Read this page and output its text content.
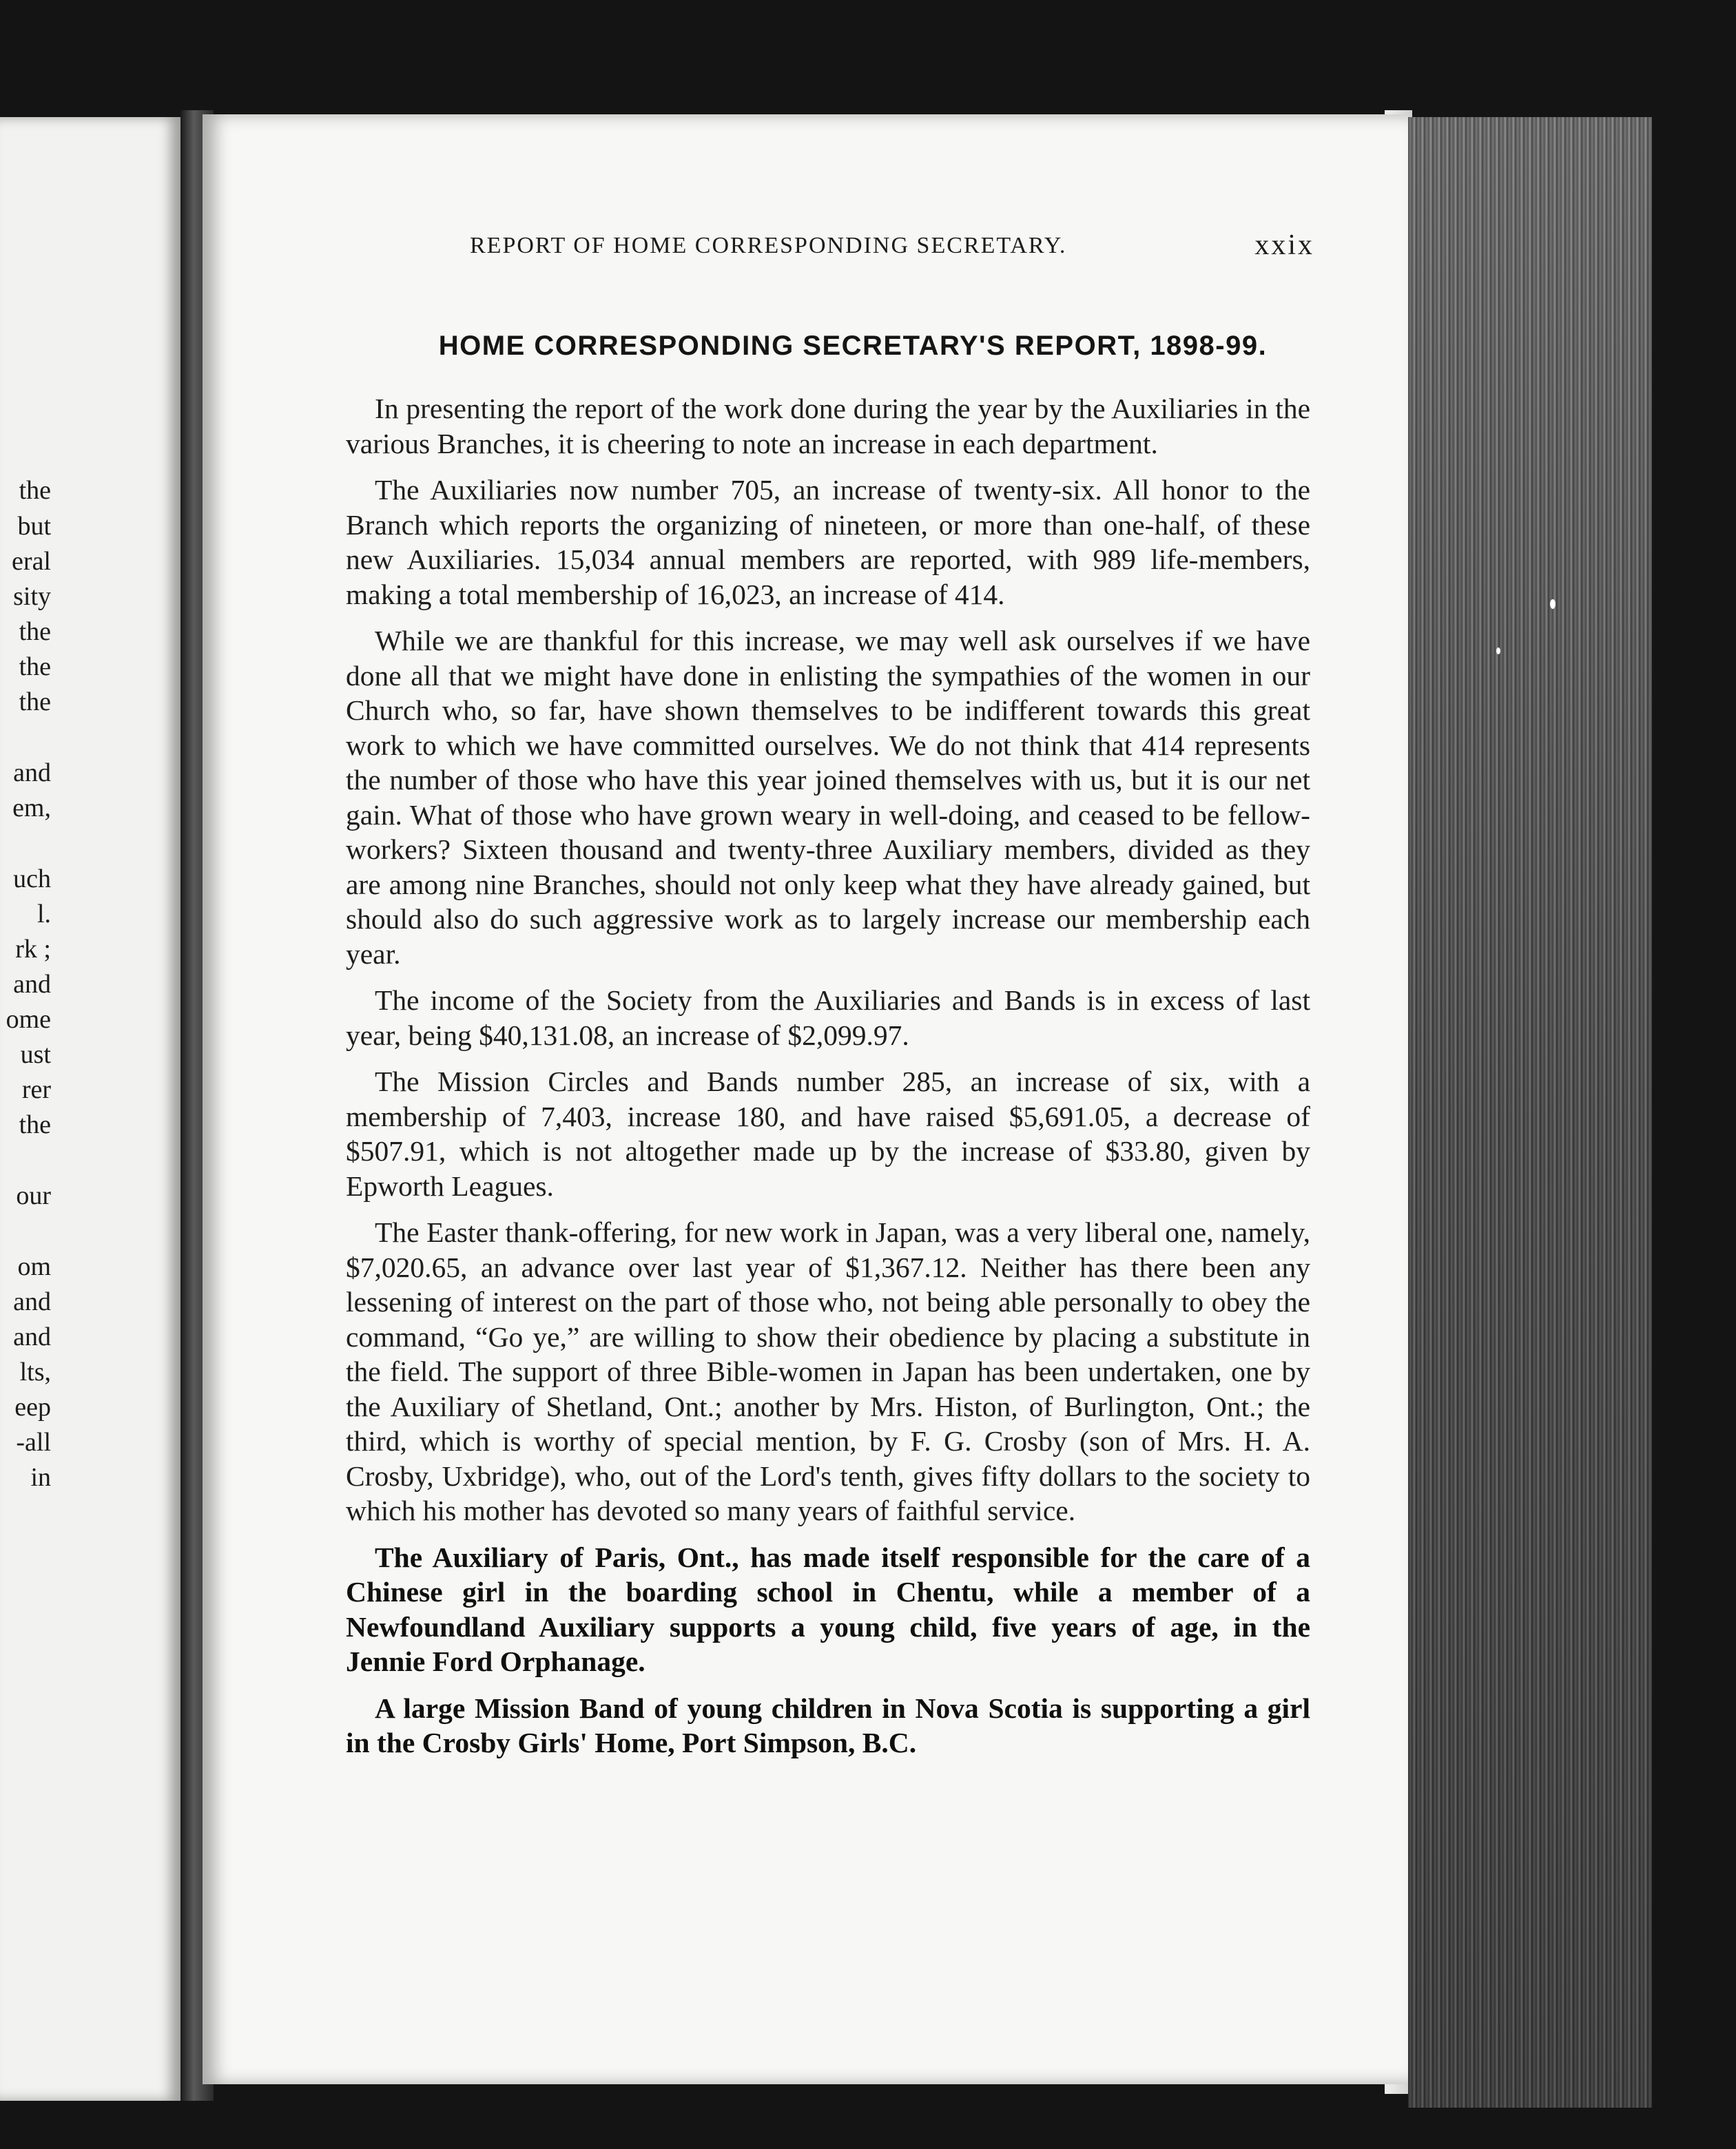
the
but
eral
sity
the
the
the
and
em,
uch
l.
rk ;
and
ome
ust
rer
the
our
om
and
and
lts,
eep
-all
in
REPORT OF HOME CORRESPONDING SECRETARY.	xxix
HOME CORRESPONDING SECRETARY'S REPORT, 1898-99.

In presenting the report of the work done during the year by the Auxiliaries in the various Branches, it is cheering to note an increase in each department.

The Auxiliaries now number 705, an increase of twenty-six. All honor to the Branch which reports the organizing of nineteen, or more than one-half, of these new Auxiliaries. 15,034 annual members are reported, with 989 life-members, making a total membership of 16,023, an increase of 414.

While we are thankful for this increase, we may well ask ourselves if we have done all that we might have done in enlisting the sympathies of the women in our Church who, so far, have shown themselves to be indifferent towards this great work to which we have committed ourselves. We do not think that 414 represents the number of those who have this year joined themselves with us, but it is our net gain. What of those who have grown weary in well-doing, and ceased to be fellow-workers? Sixteen thousand and twenty-three Auxiliary members, divided as they are among nine Branches, should not only keep what they have already gained, but should also do such aggressive work as to largely increase our membership each year.

The income of the Society from the Auxiliaries and Bands is in excess of last year, being $40,131.08, an increase of $2,099.97.

The Mission Circles and Bands number 285, an increase of six, with a membership of 7,403, increase 180, and have raised $5,691.05, a decrease of $507.91, which is not altogether made up by the increase of $33.80, given by Epworth Leagues.

The Easter thank-offering, for new work in Japan, was a very liberal one, namely, $7,020.65, an advance over last year of $1,367.12. Neither has there been any lessening of interest on the part of those who, not being able personally to obey the command, “Go ye,” are willing to show their obedience by placing a substitute in the field. The support of three Bible-women in Japan has been undertaken, one by the Auxiliary of Shetland, Ont.; another by Mrs. Histon, of Burlington, Ont.; the third, which is worthy of special mention, by F. G. Crosby (son of Mrs. H. A. Crosby, Uxbridge), who, out of the Lord's tenth, gives fifty dollars to the society to which his mother has devoted so many years of faithful service.

The Auxiliary of Paris, Ont., has made itself responsible for the care of a Chinese girl in the boarding school in Chentu, while a member of a Newfoundland Auxiliary supports a young child, five years of age, in the Jennie Ford Orphanage.

A large Mission Band of young children in Nova Scotia is supporting a girl in the Crosby Girls' Home, Port Simpson, B.C.
